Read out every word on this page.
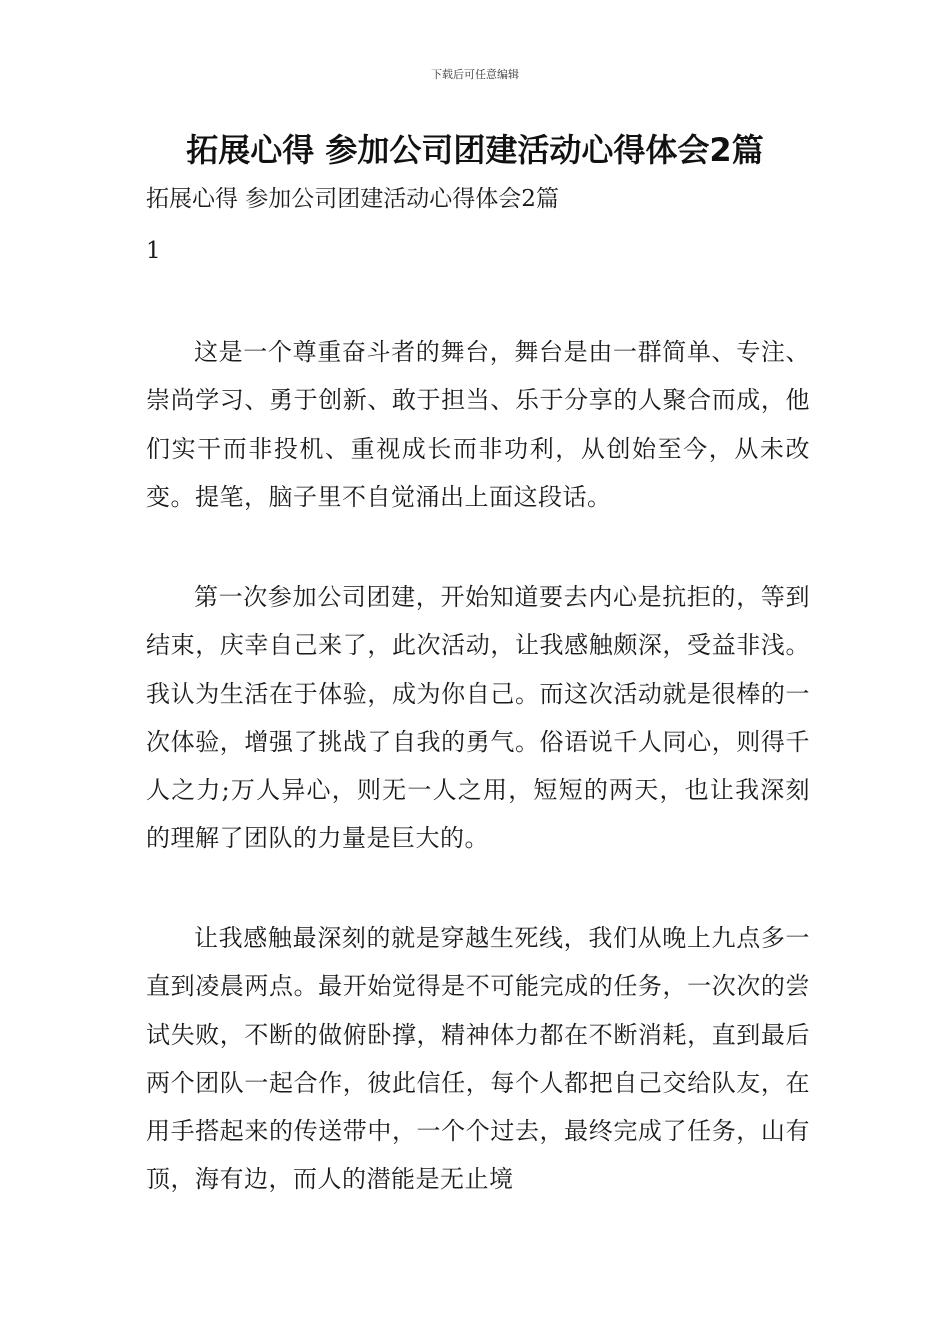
下载后可任意编辑
拓展心得 参加公司团建活动心得体会2篇

拓展心得 参加公司团建活动心得体会2篇

1

这是一个尊重奋斗者的舞台，舞台是由一群简单、专注、崇尚学习、勇于创新、敢于担当、乐于分享的人聚合而成，他们实干而非投机、重视成长而非功利，从创始至今，从未改变。提笔，脑子里不自觉涌出上面这段话。

第一次参加公司团建，开始知道要去内心是抗拒的，等到结束，庆幸自己来了，此次活动，让我感触颇深，受益非浅。我认为生活在于体验，成为你自己。而这次活动就是很棒的一次体验，增强了挑战了自我的勇气。俗语说千人同心，则得千人之力;万人异心，则无一人之用，短短的两天，也让我深刻的理解了团队的力量是巨大的。

让我感触最深刻的就是穿越生死线，我们从晚上九点多一直到凌晨两点。最开始觉得是不可能完成的任务，一次次的尝试失败，不断的做俯卧撑，精神体力都在不断消耗，直到最后两个团队一起合作，彼此信任，每个人都把自己交给队友，在用手搭起来的传送带中，一个个过去，最终完成了任务，山有顶，海有边，而人的潜能是无止境
